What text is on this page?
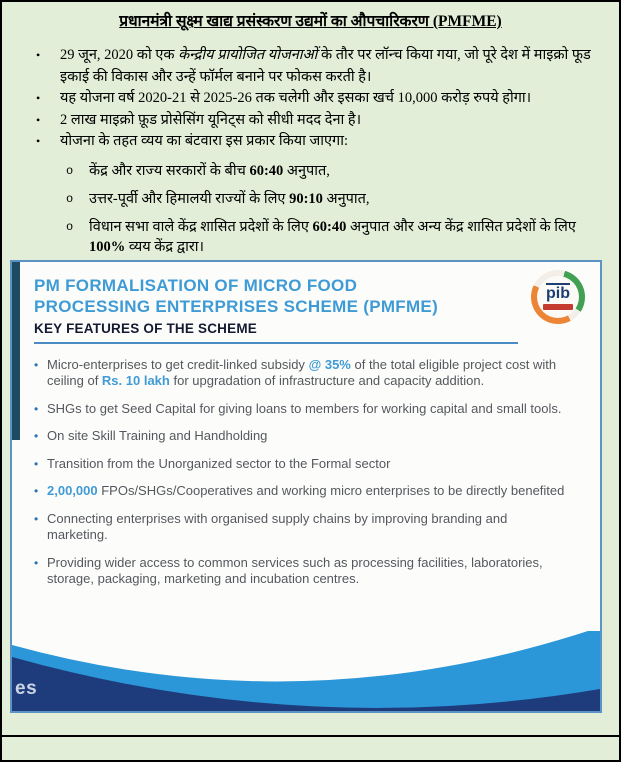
प्रधानमंत्री सूक्ष्म खाद्य प्रसंस्करण उद्यमों का औपचारिकरण (PMFME)
•	29 जून, 2020 को एक केन्द्रीय प्रायोजित योजनाओं के तौर पर लॉन्च किया गया, जो पूरे देश में माइक्रो फूड इकाई की विकास और उन्हें फॉर्मल बनाने पर फोकस करती है।
•	यह योजना वर्ष 2020-21 से 2025-26 तक चलेगी और इसका खर्च 10,000 करोड़ रुपये होगा।
•	2 लाख माइक्रो फ़ूड प्रोसेसिंग यूनिट्स को सीधी मदद देना है।
•	योजना के तहत व्यय का बंटवारा इस प्रकार किया जाएगा:
o	केंद्र और राज्य सरकारों के बीच 60:40 अनुपात,
o	उत्तर-पूर्वी और हिमालयी राज्यों के लिए 90:10 अनुपात,
o	विधान सभा वाले केंद्र शासित प्रदेशों के लिए 60:40 अनुपात और अन्य केंद्र शासित प्रदेशों के लिए 100% व्यय केंद्र द्वारा।
pib
PM FORMALISATION OF MICRO FOOD
PROCESSING ENTERPRISES SCHEME (PMFME)
KEY FEATURES OF THE SCHEME
• Micro-enterprises to get credit-linked subsidy @ 35% of the total eligible project cost with ceiling of Rs. 10 lakh for upgradation of infrastructure and capacity addition.
• SHGs to get Seed Capital for giving loans to members for working capital and small tools.
• On site Skill Training and Handholding
• Transition from the Unorganized sector to the Formal sector
• 2,00,000 FPOs/SHGs/Cooperatives and working micro enterprises to be directly benefited
• Connecting enterprises with organised supply chains by improving branding and marketing.
• Providing wider access to common services such as processing facilities, laboratories, storage, packaging, marketing and incubation centres.
es
